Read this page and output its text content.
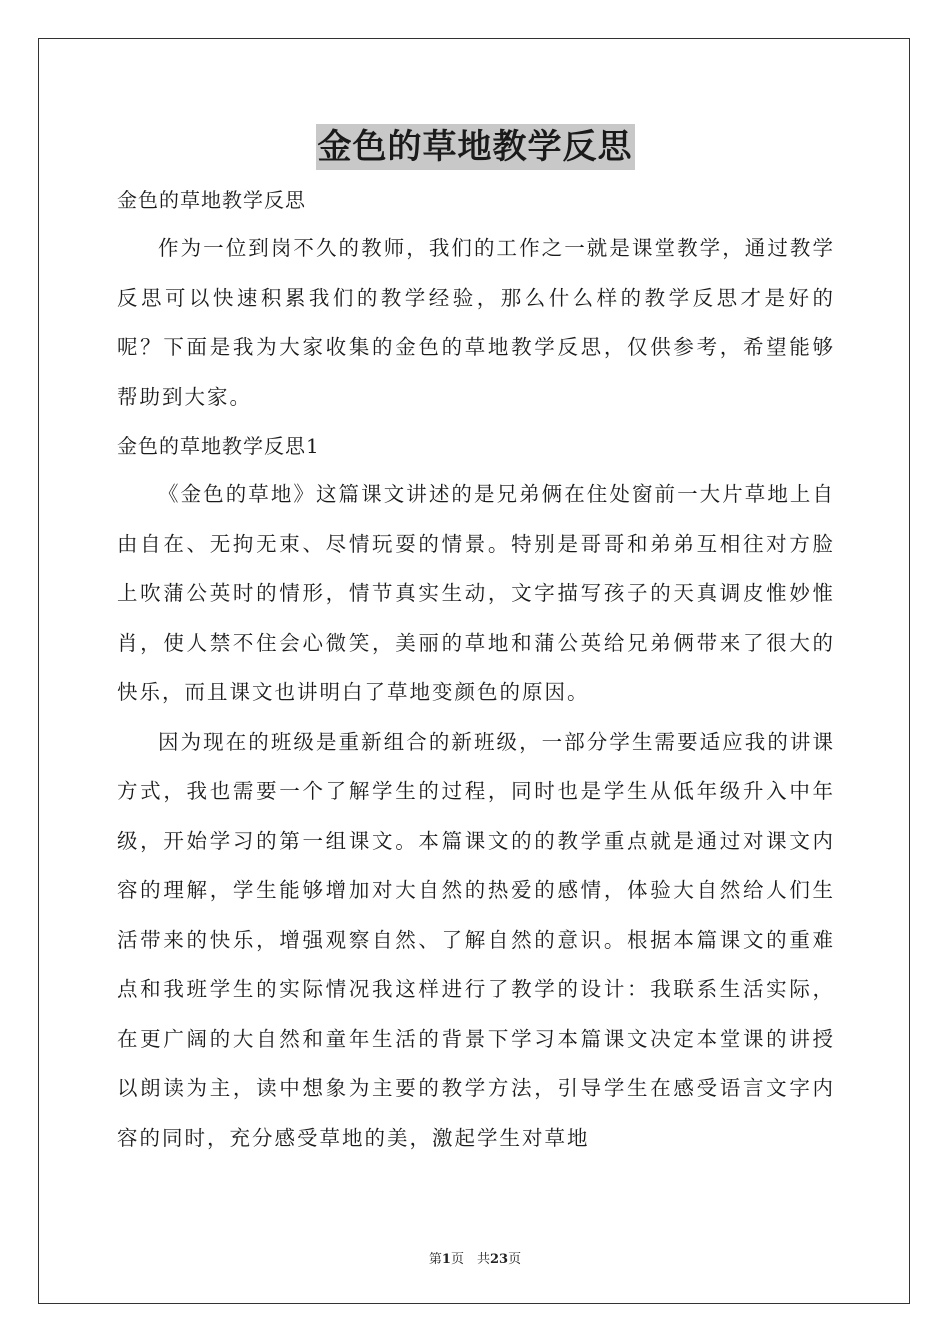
金色的草地教学反思

金色的草地教学反思

作为一位到岗不久的教师，我们的工作之一就是课堂教学，通过教学反思可以快速积累我们的教学经验，那么什么样的教学反思才是好的呢？下面是我为大家收集的金色的草地教学反思，仅供参考，希望能够帮助到大家。

金色的草地教学反思1

《金色的草地》这篇课文讲述的是兄弟俩在住处窗前一大片草地上自由自在、无拘无束、尽情玩耍的情景。特别是哥哥和弟弟互相往对方脸上吹蒲公英时的情形，情节真实生动，文字描写孩子的天真调皮惟妙惟肖，使人禁不住会心微笑，美丽的草地和蒲公英给兄弟俩带来了很大的快乐，而且课文也讲明白了草地变颜色的原因。

因为现在的班级是重新组合的新班级，一部分学生需要适应我的讲课方式，我也需要一个了解学生的过程，同时也是学生从低年级升入中年级，开始学习的第一组课文。本篇课文的的教学重点就是通过对课文内容的理解，学生能够增加对大自然的热爱的感情，体验大自然给人们生活带来的快乐，增强观察自然、了解自然的意识。根据本篇课文的重难点和我班学生的实际情况我这样进行了教学的设计：我联系生活实际，在更广阔的大自然和童年生活的背景下学习本篇课文决定本堂课的讲授以朗读为主，读中想象为主要的教学方法，引导学生在感受语言文字内容的同时，充分感受草地的美，激起学生对草地

第1页　共23页
